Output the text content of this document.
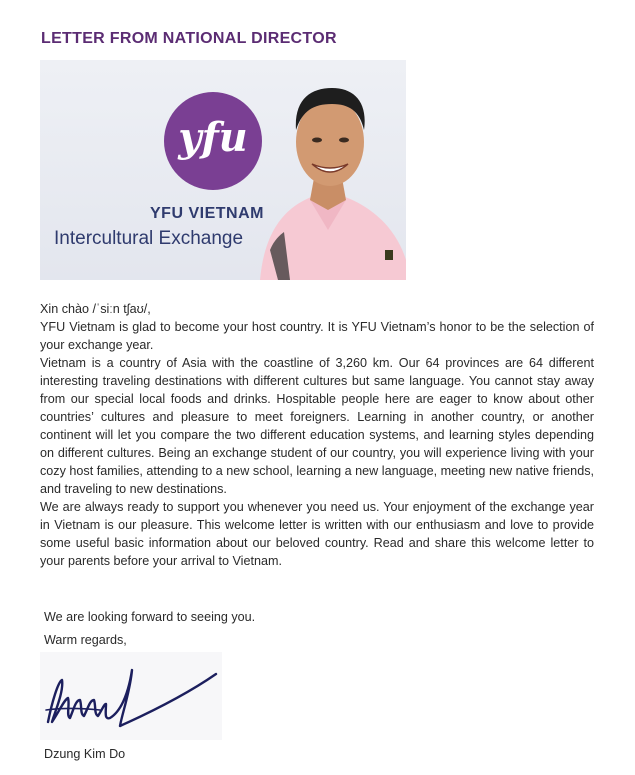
LETTER FROM NATIONAL DIRECTOR
yfu
YFU VIETNAM
Intercultural Exchange

Xin chào /ˈsiːn tʃaʊ/,

YFU Vietnam is glad to become your host country. It is YFU Vietnam’s honor to be the selection of your exchange year.

Vietnam is a country of Asia with the coastline of 3,260 km. Our 64 provinces are 64 different interesting traveling destinations with different cultures but same language. You cannot stay away from our special local foods and drinks. Hospitable people here are eager to know about other countries’ cultures and pleasure to meet foreigners. Learning in another country, or another continent will let you compare the two different education systems, and learning styles depending on different cultures. Being an exchange student of our country, you will experience living with your cozy host families, attending to a new school, learning a new language, meeting new native friends, and traveling to new destinations.

We are always ready to support you whenever you need us. Your enjoyment of the exchange year in Vietnam is our pleasure. This welcome letter is written with our enthusiasm and love to provide some useful basic information about our beloved country. Read and share this welcome letter to your parents before your arrival to Vietnam.

We are looking forward to seeing you.
Warm regards,
Dzung Kim Do
